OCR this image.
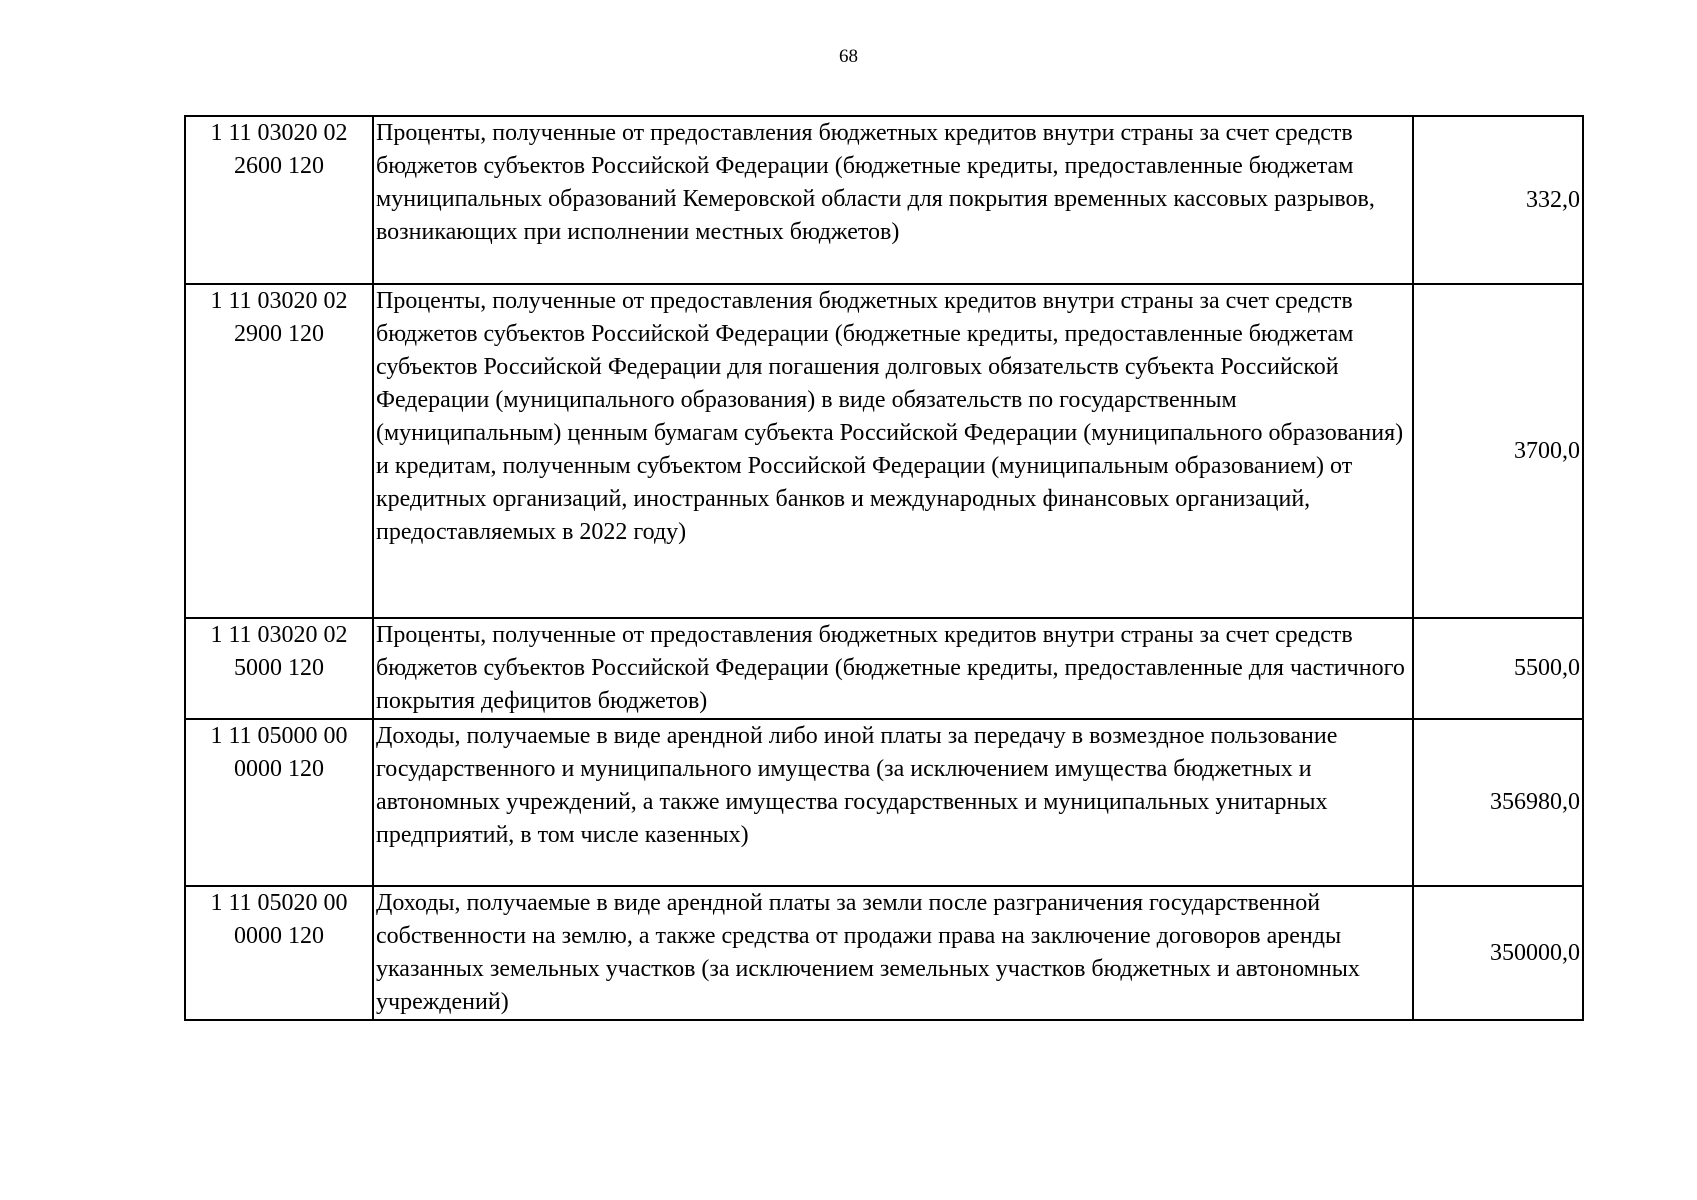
68
1 11 03020 02
2600 120	Проценты, полученные от предоставления бюджетных кредитов внутри страны за счет средств бюджетов субъектов Российской Федерации (бюджетные кредиты, предоставленные бюджетам муниципальных образований Кемеровской области для покрытия временных кассовых разрывов, возникающих при исполнении местных бюджетов)	332,0

1 11 03020 02
2900 120	Проценты, полученные от предоставления бюджетных кредитов внутри страны за счет средств бюджетов субъектов Российской Федерации (бюджетные кредиты, предоставленные бюджетам субъектов Российской Федерации для погашения долговых обязательств субъекта Российской Федерации (муниципального образования) в виде обязательств по государственным (муниципальным) ценным бумагам субъекта Российской Федерации (муниципального образования) и кредитам, полученным субъектом Российской Федерации (муниципальным образованием) от кредитных организаций, иностранных банков и международных финансовых организаций, предоставляемых в 2022 году)	3700,0

1 11 03020 02
5000 120	Проценты, полученные от предоставления бюджетных кредитов внутри страны за счет средств бюджетов субъектов Российской Федерации (бюджетные кредиты, предоставленные для частичного покрытия дефицитов бюджетов)	5500,0

1 11 05000 00
0000 120	Доходы, получаемые в виде арендной либо иной платы за передачу в возмездное пользование государственного и муниципального имущества (за исключением имущества бюджетных и автономных учреждений, а также имущества государственных и муниципальных унитарных предприятий, в том числе казенных)	356980,0

1 11 05020 00
0000 120	Доходы, получаемые в виде арендной платы за земли после разграничения государственной собственности на землю, а также средства от продажи права на заключение договоров аренды указанных земельных участков (за исключением земельных участков бюджетных и автономных учреждений)	350000,0
